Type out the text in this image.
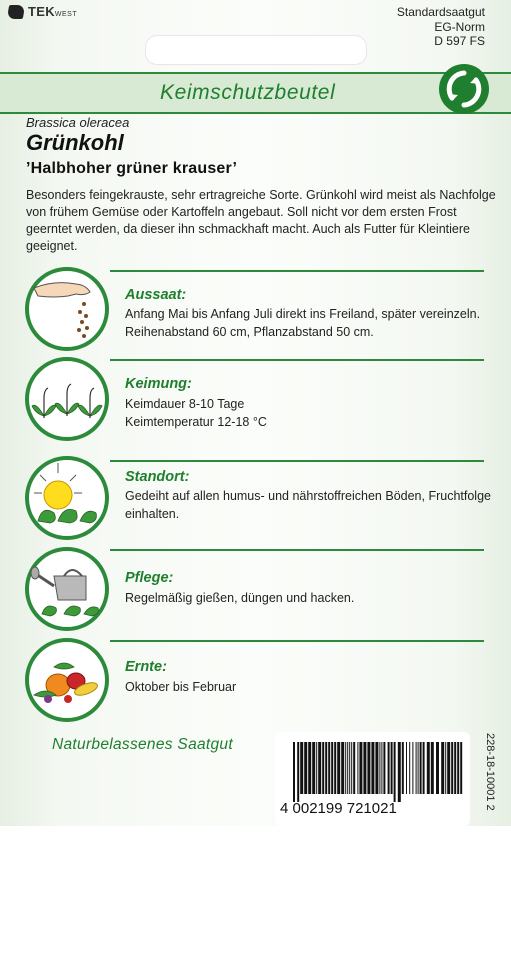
TEKWEST	Standardsaatgut
EG-Norm
D 597 FS
Keimschutzbeutel
Brassica oleracea
Grünkohl
’Halbhoher grüner krauser’
Besonders feingekrauste, sehr ertragreiche Sorte. Grünkohl wird meist als Nachfolge von frühem Gemüse oder Kartoffeln angebaut. Soll nicht vor dem ersten Frost geerntet werden, da dieser ihn schmackhaft macht. Auch als Futter für Kleintiere geeignet.
Aussaat:
Anfang Mai bis Anfang Juli direkt ins Freiland, später vereinzeln.
Reihenabstand 60 cm, Pflanzabstand 50 cm.
Keimung:
Keimdauer 8-10 Tage
Keimtemperatur 12-18 °C
Standort:
Gedeiht auf allen humus- und nährstoffreichen Böden, Fruchtfolge einhalten.
Pflege:
Regelmäßig gießen, düngen und hacken.
Ernte:
Oktober bis Februar
Naturbelassenes Saatgut
4 002199 721021	228-18-10001 2
